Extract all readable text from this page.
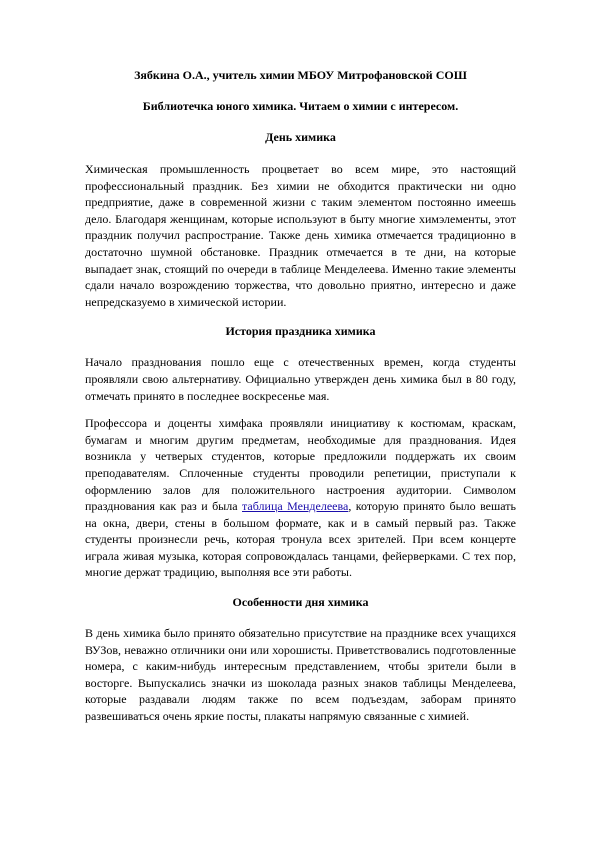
Зябкина О.А., учитель химии МБОУ Митрофановской СОШ

Библиотечка юного химика. Читаем о химии с интересом.

День химика

Химическая промышленность процветает во всем мире, это настоящий профессиональный праздник. Без химии не обходится практически ни одно предприятие, даже в современной жизни с таким элементом постоянно имеешь дело. Благодаря женщинам, которые используют в быту многие химэлементы, этот праздник получил распространие. Также день химика отмечается традиционно в достаточно шумной обстановке. Праздник отмечается в те дни, на которые выпадает знак, стоящий по очереди в таблице Менделеева. Именно такие элементы сдали начало возрождению торжества, что довольно приятно, интересно и даже непредсказуемо в химической истории.

История праздника химика

Начало празднования пошло еще с отечественных времен, когда студенты проявляли свою альтернативу. Официально утвержден день химика был в 80 году, отмечать принято в последнее воскресенье мая.

Профессора и доценты химфака проявляли инициативу к костюмам, краскам, бумагам и многим другим предметам, необходимые для празднования. Идея возникла у четверых студентов, которые предложили поддержать их своим преподавателям. Сплоченные студенты проводили репетиции, приступали к оформлению залов для положительного настроения аудитории. Символом празднования как раз и была таблица Менделеева, которую принято было вешать на окна, двери, стены в большом формате, как и в самый первый раз. Также студенты произнесли речь, которая тронула всех зрителей. При всем концерте играла живая музыка, которая сопровождалась танцами, фейерверками. С тех пор, многие держат традицию, выполняя все эти работы.

Особенности дня химика

В день химика было принято обязательно присутствие на празднике всех учащихся ВУЗов, неважно отличники они или хорошисты. Приветствовались подготовленные номера, с каким-нибудь интересным представлением, чтобы зрители были в восторге. Выпускались значки из шоколада разных знаков таблицы Менделеева, которые раздавали людям также по всем подъездам, заборам принято развешиваться очень яркие посты, плакаты напрямую связанные с химией.
